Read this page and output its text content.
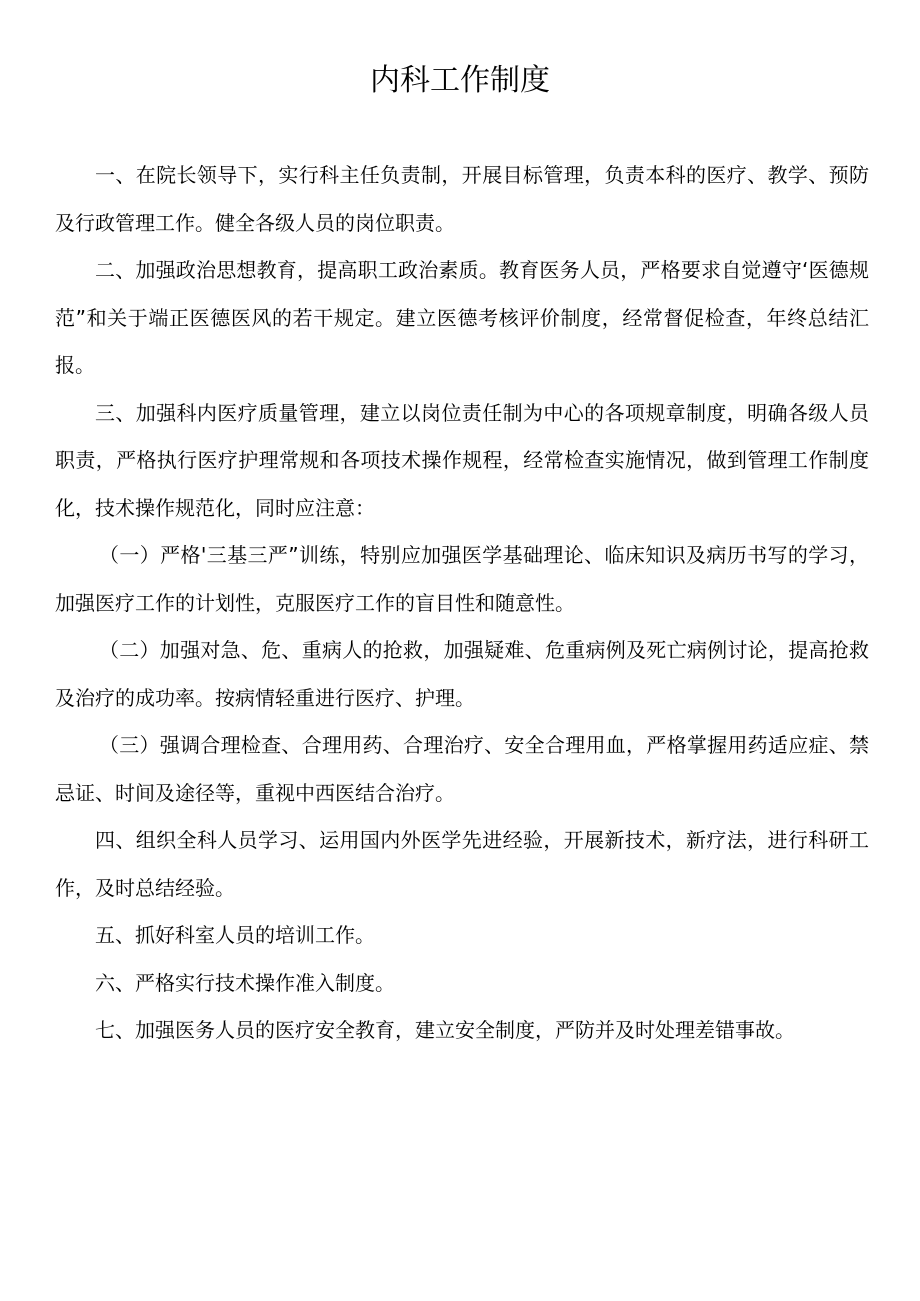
内科工作制度

一、在院长领导下，实行科主任负责制，开展目标管理，负责本科的医疗、教学、预防及行政管理工作。健全各级人员的岗位职责。

二、加强政治思想教育，提高职工政治素质。教育医务人员，严格要求自觉遵守‘医德规范”和关于端正医德医风的若干规定。建立医德考核评价制度，经常督促检查，年终总结汇报。

三、加强科内医疗质量管理，建立以岗位责任制为中心的各项规章制度，明确各级人员职责，严格执行医疗护理常规和各项技术操作规程，经常检查实施情况，做到管理工作制度化，技术操作规范化，同时应注意：

（一）严格'三基三严”训练，特别应加强医学基础理论、临床知识及病历书写的学习，加强医疗工作的计划性，克服医疗工作的盲目性和随意性。

（二）加强对急、危、重病人的抢救，加强疑难、危重病例及死亡病例讨论，提高抢救及治疗的成功率。按病情轻重进行医疗、护理。

（三）强调合理检查、合理用药、合理治疗、安全合理用血，严格掌握用药适应症、禁忌证、时间及途径等，重视中西医结合治疗。

四、组织全科人员学习、运用国内外医学先进经验，开展新技术，新疗法，进行科研工作，及时总结经验。

五、抓好科室人员的培训工作。

六、严格实行技术操作准入制度。

七、加强医务人员的医疗安全教育，建立安全制度，严防并及时处理差错事故。
